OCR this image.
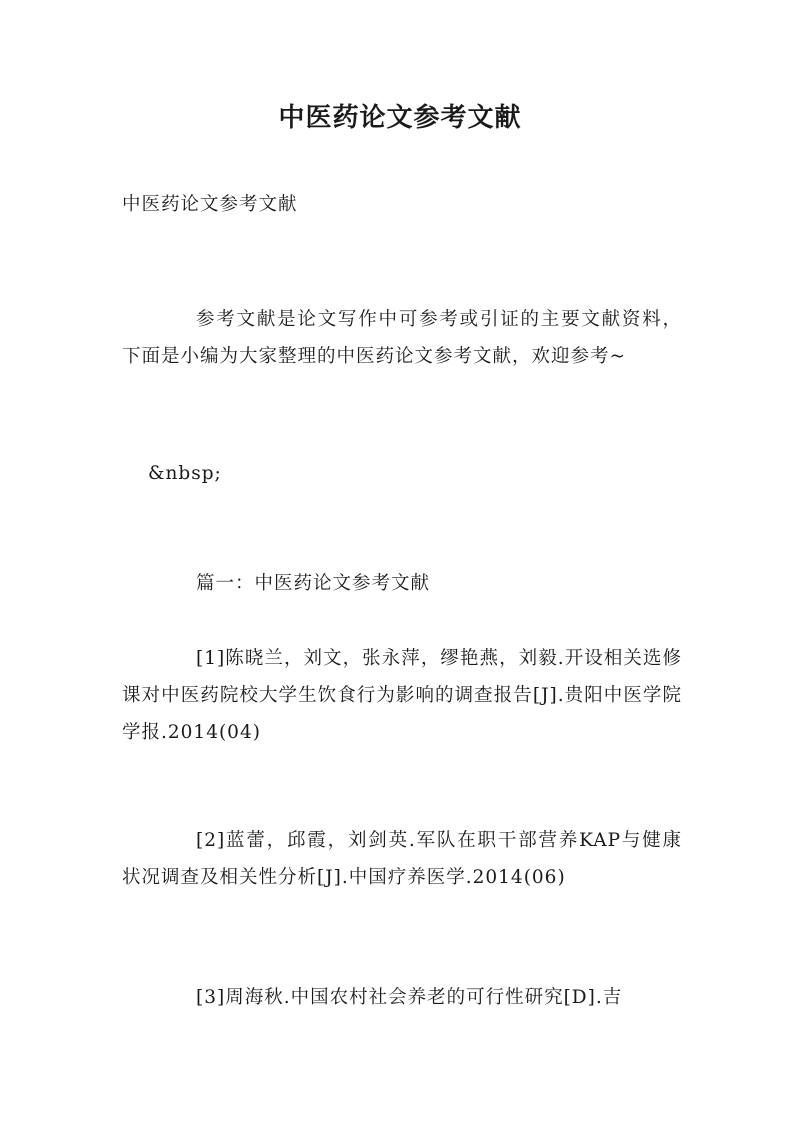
中医药论文参考文献
中医药论文参考文献
参考文献是论文写作中可参考或引证的主要文献资料，下面是小编为大家整理的中医药论文参考文献，欢迎参考~
&nbsp;
篇一：中医药论文参考文献
[1]陈晓兰，刘文，张永萍，缪艳燕，刘毅.开设相关选修课对中医药院校大学生饮食行为影响的调查报告[J].贵阳中医学院学报.2014(04)
[2]蓝蕾，邱霞，刘剑英.军队在职干部营养KAP与健康状况调查及相关性分析[J].中国疗养医学.2014(06)
[3]周海秋.中国农村社会养老的可行性研究[D].吉
